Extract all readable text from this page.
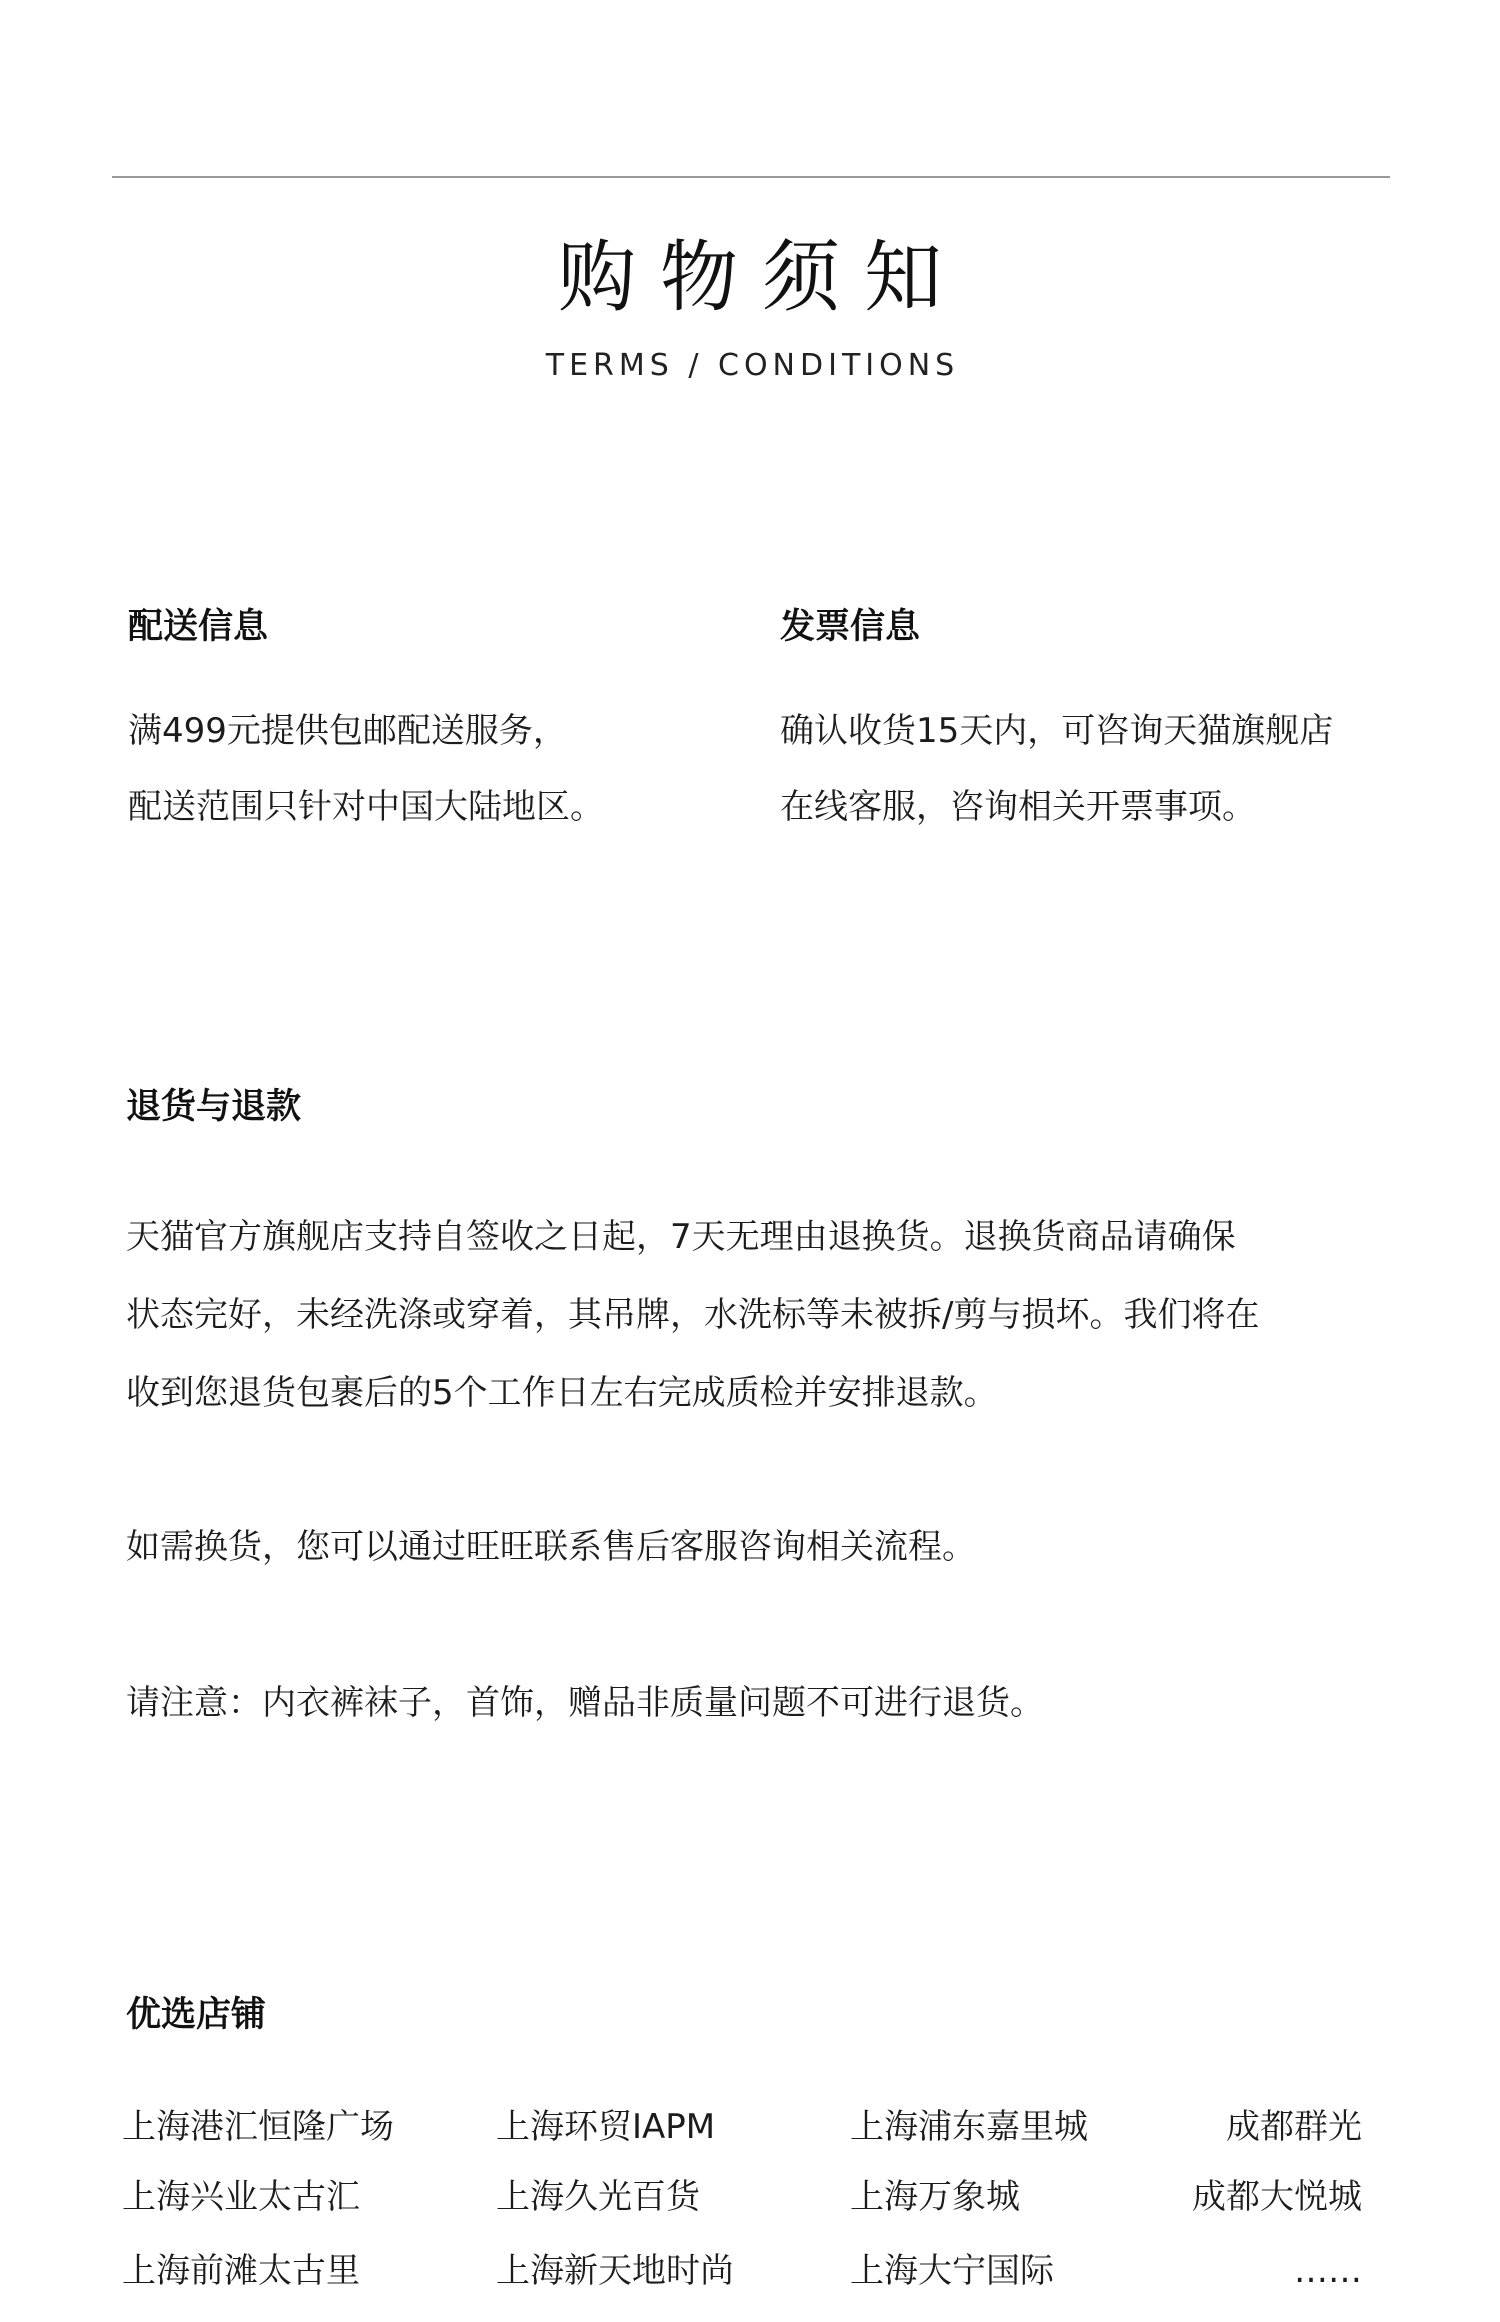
购物须知
TERMS / CONDITIONS
配送信息
满499元提供包邮配送服务，
配送范围只针对中国大陆地区。
发票信息
确认收货15天内，可咨询天猫旗舰店
在线客服，咨询相关开票事项。
退货与退款
天猫官方旗舰店支持自签收之日起，7天无理由退换货。退换货商品请确保
状态完好，未经洗涤或穿着，其吊牌，水洗标等未被拆/剪与损坏。我们将在
收到您退货包裹后的5个工作日左右完成质检并安排退款。
如需换货，您可以通过旺旺联系售后客服咨询相关流程。
请注意：内衣裤袜子，首饰，赠品非质量问题不可进行退货。
优选店铺
上海港汇恒隆广场
上海兴业太古汇
上海前滩太古里
上海环贸IAPM
上海久光百货
上海新天地时尚
上海浦东嘉里城
上海万象城
上海大宁国际
成都群光
成都大悦城
……
